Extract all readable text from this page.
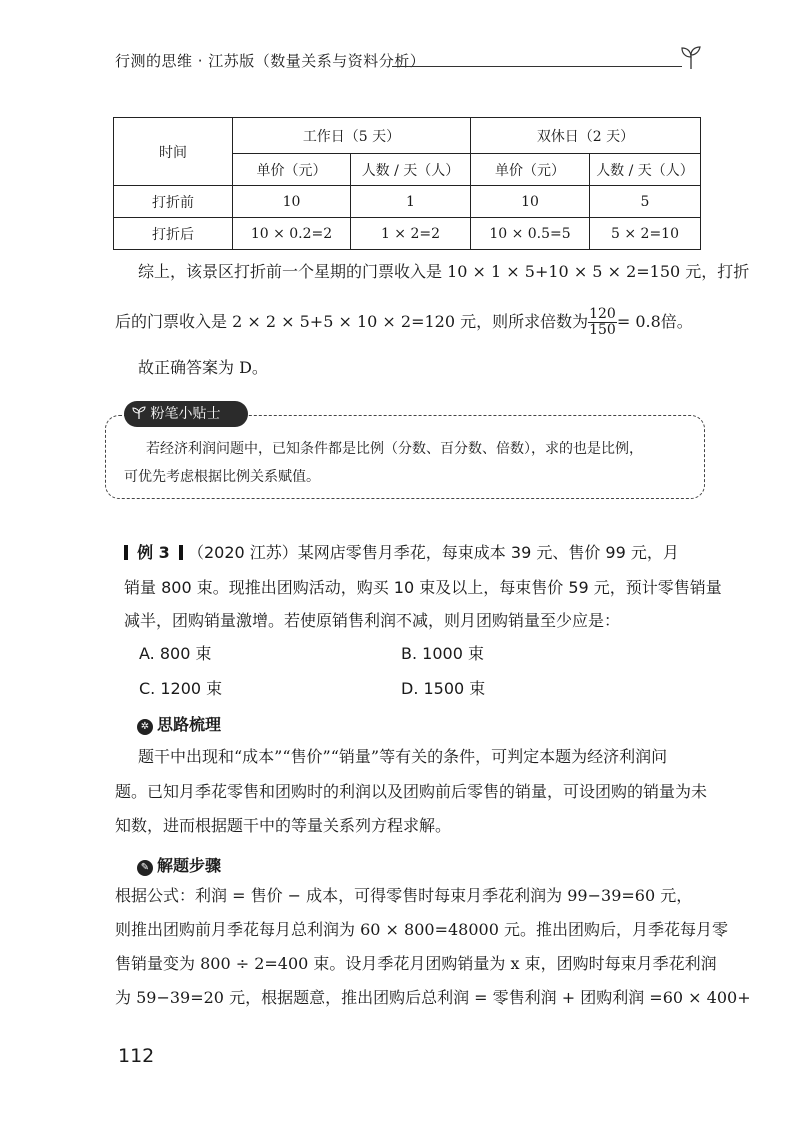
行测的思维 · 江苏版（数量关系与资料分析）
时间	工作日（5 天）		双休日（2 天）	
	单价（元）	人数 / 天（人）	单价（元）	人数 / 天（人）
打折前	10	1	10	5
打折后	10 × 0.2=2	1 × 2=2	10 × 0.5=5	5 × 2=10
综上，该景区打折前一个星期的门票收入是 10 × 1 × 5+10 × 5 × 2=150 元，打折
后的门票收入是 2 × 2 × 5+5 × 10 × 2=120 元，则所求倍数为 $\frac{120}{150} = 0.8$倍。
故正确答案为 D。
粉笔小贴士
若经济利润问题中，已知条件都是比例（分数、百分数、倍数），求的也是比例，
可优先考虑根据比例关系赋值。
例 3 （2020 江苏）某网店零售月季花，每束成本 39 元、售价 99 元，月
销量 800 束。现推出团购活动，购买 10 束及以上，每束售价 59 元，预计零售销量
减半，团购销量激增。若使原销售利润不减，则月团购销量至少应是：
A. 800 束	B. 1000 束
C. 1200 束	D. 1500 束
✲ 思路梳理
题干中出现和“成本”“售价”“销量”等有关的条件，可判定本题为经济利润问
题。已知月季花零售和团购时的利润以及团购前后零售的销量，可设团购的销量为未
知数，进而根据题干中的等量关系列方程求解。
✎ 解题步骤
根据公式：利润 = 售价 − 成本，可得零售时每束月季花利润为 99−39=60 元，
则推出团购前月季花每月总利润为 60 × 800=48000 元。推出团购后，月季花每月零
售销量变为 800 ÷ 2=400 束。设月季花月团购销量为 x 束，团购时每束月季花利润
为 59−39=20 元，根据题意，推出团购后总利润 = 零售利润 + 团购利润 =60 × 400+
112
